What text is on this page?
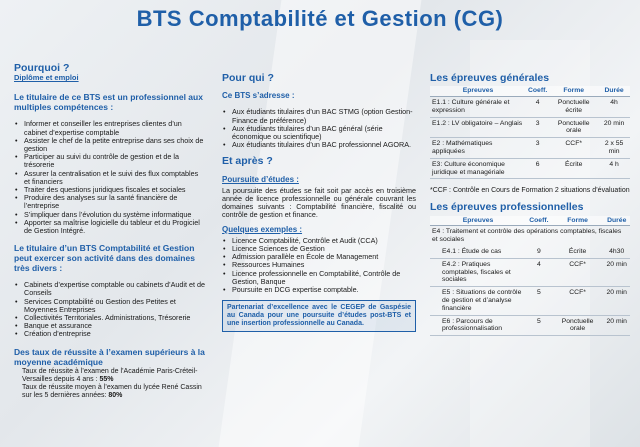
BTS Comptabilité et Gestion (CG)
Pourquoi ?
Diplôme et emploi
Le titulaire de ce BTS est un professionnel aux multiples compétences :
• Informer et conseiller les entreprises clientes d’un cabinet d’expertise comptable
• Assister le chef de la petite entreprise dans ses choix de gestion
• Participer au suivi du contrôle de gestion et de la trésorerie
• Assurer la centralisation et le suivi des flux comptables et financiers
• Traiter des questions juridiques fiscales et sociales
• Produire des analyses sur la santé financière de l’entreprise
• S’impliquer dans l’évolution du système informatique
• Apporter sa maîtrise logicielle du tableur et du Progiciel de Gestion Intégré.
Le titulaire d’un BTS Comptabilité et Gestion peut exercer son activité dans des domaines très divers :
• Cabinets d’expertise comptable ou cabinets d’Audit et de Conseils
• Services Comptabilité ou Gestion des Petites et Moyennes Entreprises
• Collectivités Territoriales. Administrations, Trésorerie
• Banque et assurance
• Création d’entreprise
Des taux de réussite à l’examen supérieurs à la moyenne académique
Taux de réussite à l’examen de l’Académie Paris-Créteil-Versailles depuis 4 ans : 55%
Taux de réussite moyen à l’examen du lycée René Cassin sur les 5 dernières années: 80%
Pour qui ?
Ce BTS s’adresse :
• Aux étudiants titulaires d’un BAC STMG (option Gestion-Finance de préférence)
• Aux étudiants titulaires d’un BAC général (série économique ou scientifique)
• Aux étudiants titulaires d’un BAC professionnel AGORA.
Et après ?
Poursuite d’études :
La poursuite des études se fait soit par accès en troisième année de licence professionnelle ou générale couvrant les domaines suivants : Comptabilité financière, fiscalité ou contrôle de gestion et finance.
Quelques exemples :
• Licence Comptabilité, Contrôle et Audit (CCA)
• Licence Sciences de Gestion
• Admission parallèle en École de Management
• Ressources Humaines
• Licence professionnelle en Comptabilité, Contrôle de Gestion, Banque
• Poursuite en DCG expertise comptable.
Partenariat d’excellence avec le CEGEP de Gaspésie au Canada pour une poursuite d’études post-BTS et une insertion professionnelle au Canada.
Les épreuves générales
Epreuves	Coeff.	Forme	Durée
E1.1 : Culture générale et expression	4	Ponctuelle écrite	4h
E1.2 : LV obligatoire – Anglais	3	Ponctuelle orale	20 min
E2 : Mathématiques appliquées	3	CCF*	2 x 55 min
E3: Culture économique juridique et managériale	6	Écrite	4 h
*CCF : Contrôle en Cours de Formation 2 situations d’évaluation
Les épreuves professionnelles
Epreuves	Coeff.	Forme	Durée
E4 : Traitement et contrôle des opérations comptables, fiscales et sociales			
E4.1 : Étude de cas	9	Écrite	4h30
E4.2 : Pratiques comptables, fiscales et sociales	4	CCF*	20 min
E5 : Situations de contrôle de gestion et d’analyse financière	5	CCF*	20 min
E6 : Parcours de professionnalisation	5	Ponctuelle orale	20 min
